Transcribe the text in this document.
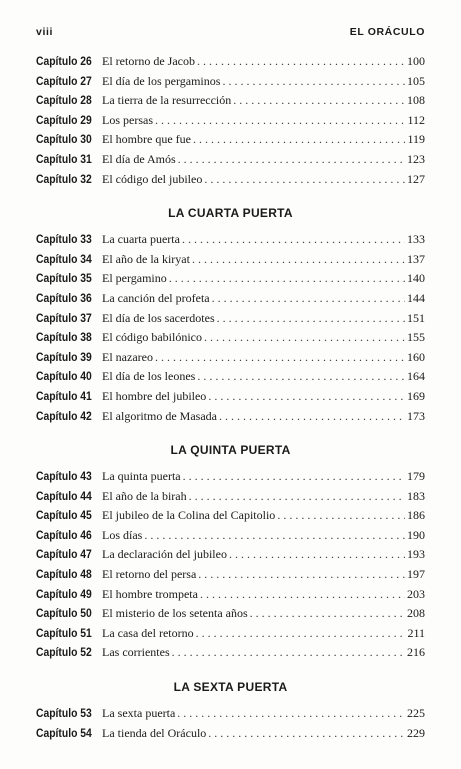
viii	EL ORÁCULO
Capítulo 26 El retorno de Jacob . . .	100
Capítulo 27 El día de los pergaminos . . .	105
Capítulo 28 La tierra de la resurrección . . .	108
Capítulo 29 Los persas . . .	112
Capítulo 30 El hombre que fue . . .	119
Capítulo 31 El día de Amós . . .	123
Capítulo 32 El código del jubileo . . .	127
LA CUARTA PUERTA
Capítulo 33 La cuarta puerta . . .	133
Capítulo 34 El año de la kiryat . . .	137
Capítulo 35 El pergamino . . .	140
Capítulo 36 La canción del profeta . . .	144
Capítulo 37 El día de los sacerdotes . . .	151
Capítulo 38 El código babilónico . . .	155
Capítulo 39 El nazareo . . .	160
Capítulo 40 El día de los leones . . .	164
Capítulo 41 El hombre del jubileo . . .	169
Capítulo 42 El algoritmo de Masada . . .	173
LA QUINTA PUERTA
Capítulo 43 La quinta puerta . . .	179
Capítulo 44 El año de la birah . . .	183
Capítulo 45 El jubileo de la Colina del Capitolio . . .	186
Capítulo 46 Los días . . .	190
Capítulo 47 La declaración del jubileo . . .	193
Capítulo 48 El retorno del persa . . .	197
Capítulo 49 El hombre trompeta . . .	203
Capítulo 50 El misterio de los setenta años . . .	208
Capítulo 51 La casa del retorno . . .	211
Capítulo 52 Las corrientes . . .	216
LA SEXTA PUERTA
Capítulo 53 La sexta puerta . . .	225
Capítulo 54 La tienda del Oráculo . . .	229
